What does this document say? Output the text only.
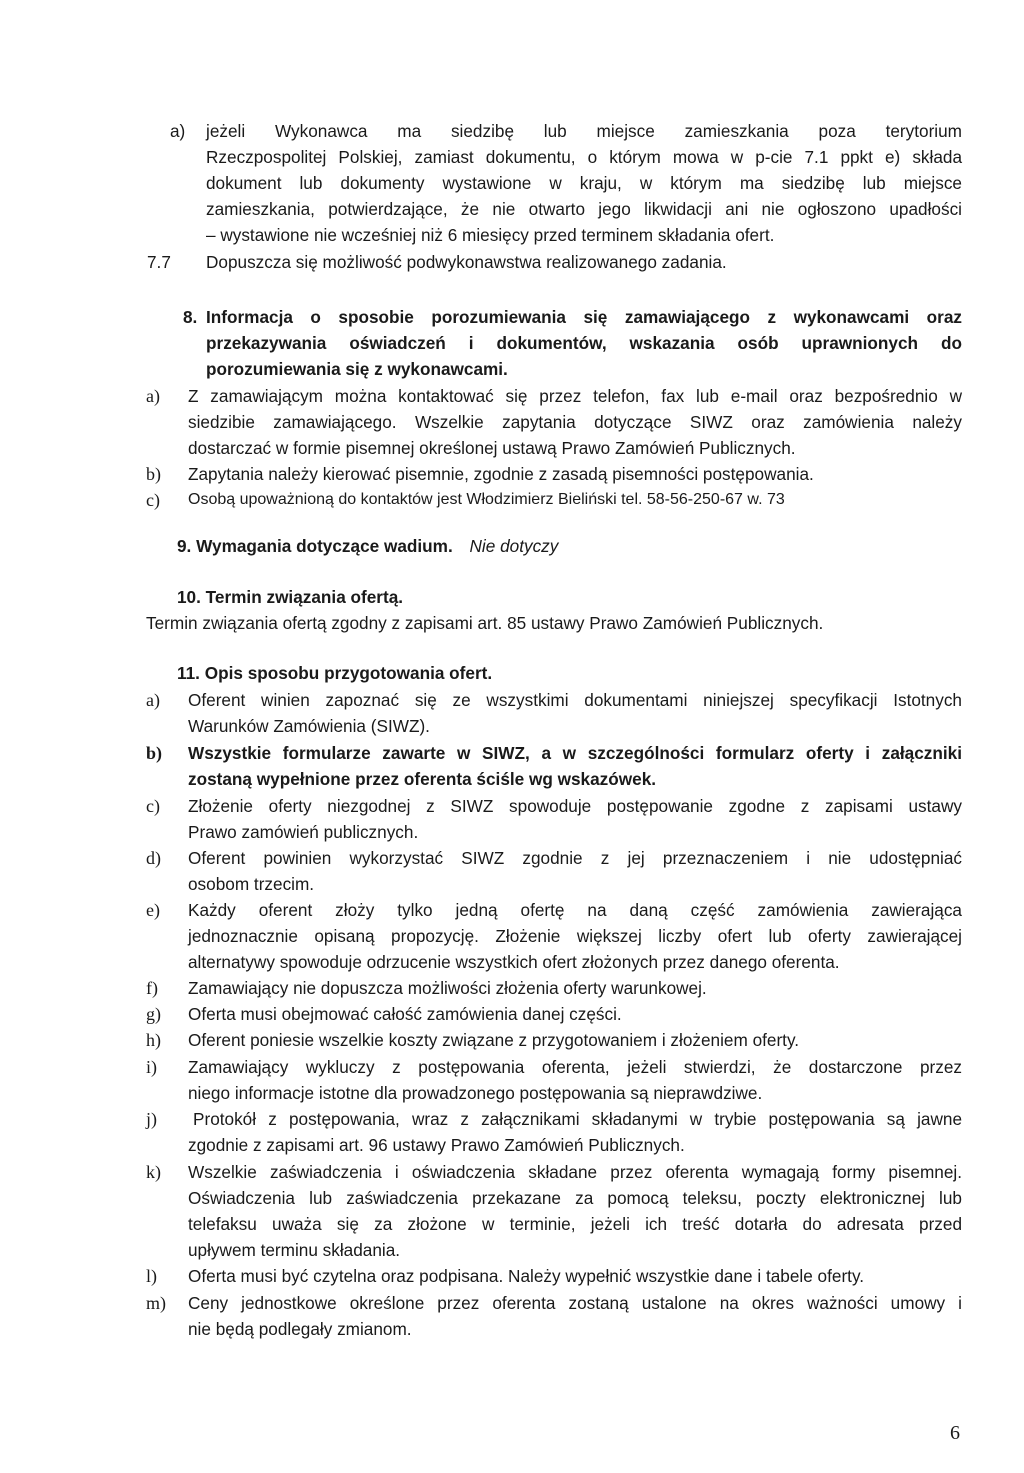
a) jeżeli Wykonawca ma siedzibę lub miejsce zamieszkania poza terytorium
Rzeczpospolitej Polskiej, zamiast dokumentu, o którym mowa w p-cie 7.1 ppkt e) składa
dokument lub dokumenty wystawione w kraju, w którym ma siedzibę lub miejsce
zamieszkania, potwierdzające, że nie otwarto jego likwidacji ani nie ogłoszono upadłości
– wystawione nie wcześniej niż 6 miesięcy przed terminem składania ofert.
7.7 Dopuszcza się możliwość podwykonawstwa realizowanego zadania.
8. Informacja o sposobie porozumiewania się zamawiającego z wykonawcami oraz
przekazywania oświadczeń i dokumentów, wskazania osób uprawnionych do
porozumiewania się z wykonawcami.
a) Z zamawiającym można kontaktować się przez telefon, fax lub e-mail oraz bezpośrednio w
siedzibie zamawiającego. Wszelkie zapytania dotyczące SIWZ oraz zamówienia należy
dostarczać w formie pisemnej określonej ustawą Prawo Zamówień Publicznych.
b) Zapytania należy kierować pisemnie, zgodnie z zasadą pisemności postępowania.
c) Osobą upoważnioną do kontaktów jest Włodzimierz Bieliński tel. 58-56-250-67 w. 73
9. Wymagania dotyczące wadium. Nie dotyczy
10. Termin związania ofertą.
Termin związania ofertą zgodny z zapisami art. 85 ustawy Prawo Zamówień Publicznych.
11. Opis sposobu przygotowania ofert.
a) Oferent winien zapoznać się ze wszystkimi dokumentami niniejszej specyfikacji Istotnych
Warunków Zamówienia (SIWZ).
b) Wszystkie formularze zawarte w SIWZ, a w szczególności formularz oferty i załączniki
zostaną wypełnione przez oferenta ściśle wg wskazówek.
c) Złożenie oferty niezgodnej z SIWZ spowoduje postępowanie zgodne z zapisami ustawy
Prawo zamówień publicznych.
d) Oferent powinien wykorzystać SIWZ zgodnie z jej przeznaczeniem i nie udostępniać
osobom trzecim.
e) Każdy oferent złoży tylko jedną ofertę na daną część zamówienia zawierająca
jednoznacznie opisaną propozycję. Złożenie większej liczby ofert lub oferty zawierającej
alternatywy spowoduje odrzucenie wszystkich ofert złożonych przez danego oferenta.
f) Zamawiający nie dopuszcza możliwości złożenia oferty warunkowej.
g) Oferta musi obejmować całość zamówienia danej części.
h) Oferent poniesie wszelkie koszty związane z przygotowaniem i złożeniem oferty.
i) Zamawiający wykluczy z postępowania oferenta, jeżeli stwierdzi, że dostarczone przez
niego informacje istotne dla prowadzonego postępowania są nieprawdziwe.
j) Protokół z postępowania, wraz z załącznikami składanymi w trybie postępowania są jawne
zgodnie z zapisami art. 96 ustawy Prawo Zamówień Publicznych.
k) Wszelkie zaświadczenia i oświadczenia składane przez oferenta wymagają formy pisemnej.
Oświadczenia lub zaświadczenia przekazane za pomocą teleksu, poczty elektronicznej lub
telefaksu uważa się za złożone w terminie, jeżeli ich treść dotarła do adresata przed
upływem terminu składania.
l) Oferta musi być czytelna oraz podpisana. Należy wypełnić wszystkie dane i tabele oferty.
m) Ceny jednostkowe określone przez oferenta zostaną ustalone na okres ważności umowy i
nie będą podlegały zmianom.
6
